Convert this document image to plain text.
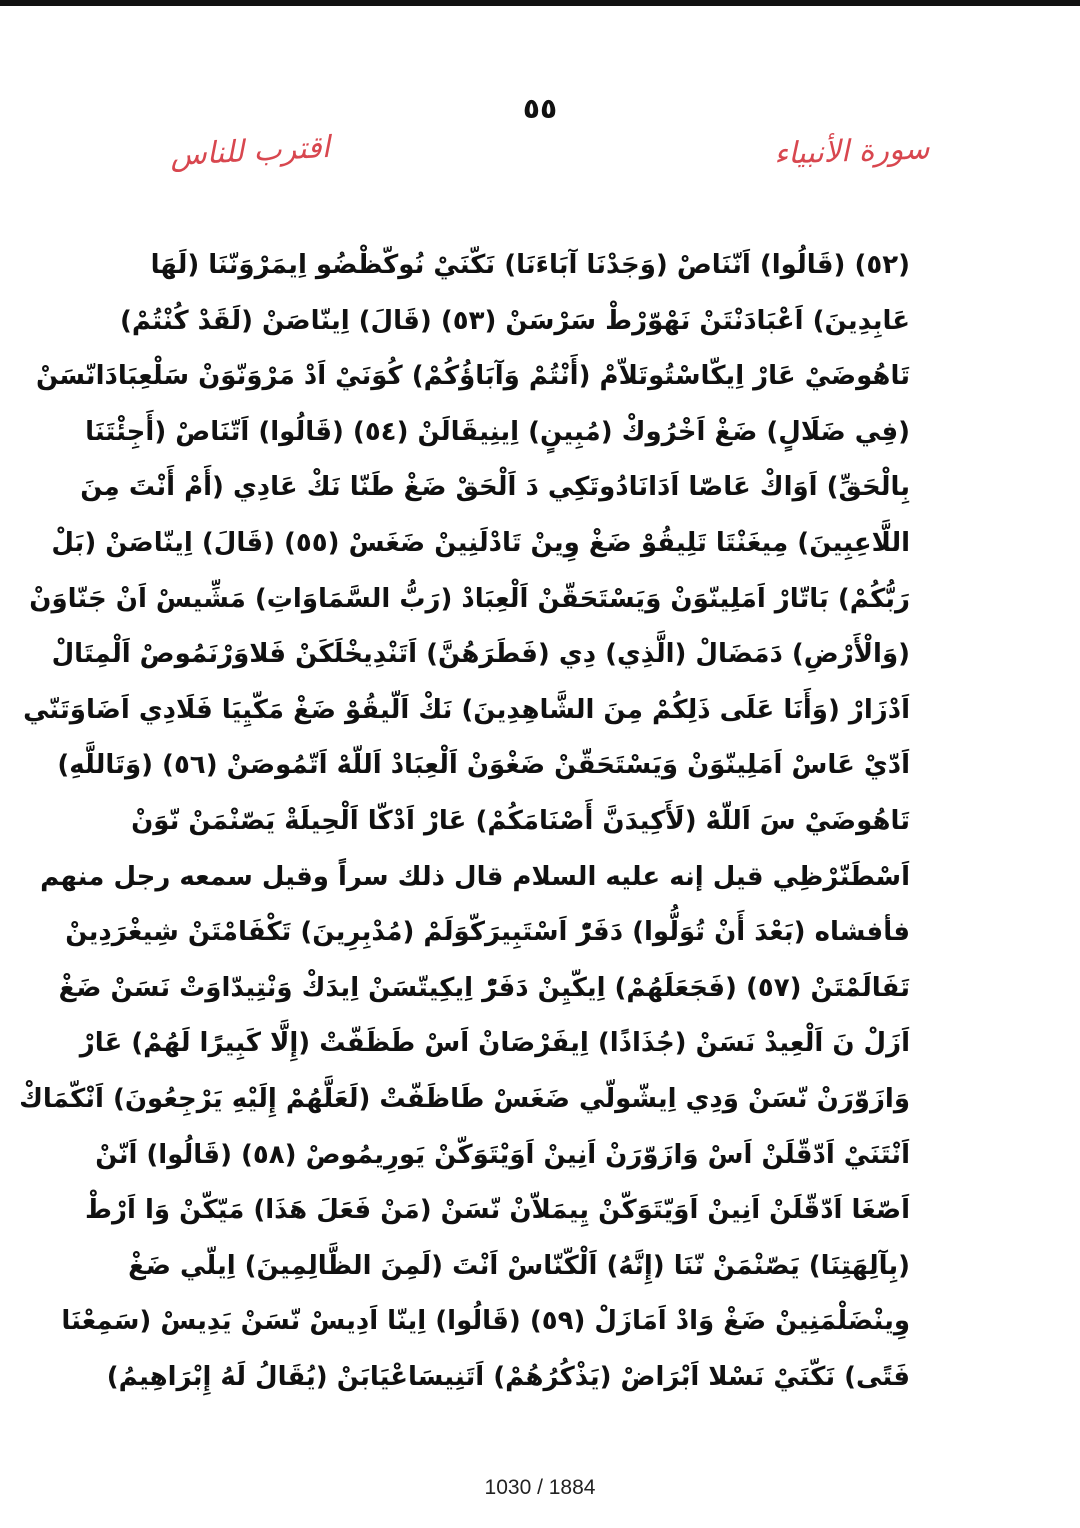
٥٥
سورة الأنبياء
اقترب للناس
(٥٢) (قَالُوا) اَنّنَاصْ (وَجَدْنَا آبَاءَنَا) نَكّنَيْ نُوكّظْضُو اِيمَرْوَنّنَا (لَهَا
عَابِدِينَ) اَعْبَادَنْتَنْ نَهْوّرْطْ سَرْسَنْ (٥٣) (قَالَ) اِينّاصَنْ (لَقَدْ كُنْتُمْ)
تَاهُوضَيْ عَارْ اِيكّاسْتُوتَلاّمْ (أَنْتُمْ وَآبَاؤُكُمْ) كُوَنَيْ اَدْ مَرْوَنّوَنْ سَلْعِبَادَانّسَنْ
(فِي ضَلَالٍ) ضَغْ اَخْرُوكْ (مُبِينٍ) اِينِيقَالَنْ (٥٤) (قَالُوا) اَتّنَاصْ (أَجِئْتَنَا
بِالْحَقِّ) اَوَاكْ عَاصّا اَدَانَادُوتَكِي دَ اَلْحَقْ ضَغْ طَنّا نَكْ عَادِي (أَمْ أَنْتَ مِنَ
اللَّاعِبِينَ) مِيغَنْتَا تَلِيقُوْ ضَغْ وِينْ تَادْلَنِينْ ضَغَسْ (٥٥) (قَالَ) اِينّاصَنْ (بَلْ
رَبُّكُمْ) بَاتّارْ اَمَلِينّوَنْ وَيَسْتَحَقّنْ اَلْعِبَادْ (رَبُّ السَّمَاوَاتِ) مَشِّيسْ اَنْ جَنّاوَنْ
(وَالْأَرْضِ) دَمَضَالْ (الَّذِي) دِي (فَطَرَهُنَّ) اَتَنْدِيخْلَكَنْ فَلاوَرْنَمُوصْ اَلْمِتَالْ
اَدْزَارْ (وَأَنَا عَلَى ذَلِكُمْ مِنَ الشَّاهِدِينَ) نَكْ اَلّيقُوْ ضَغْ مَكّيِيَا فَلَادِي اَضَاوَتَنّي
اَدّيْ عَاسْ اَمَلِينّوَنْ وَيَسْتَحَقّنْ ضَغْوَنْ اَلْعِبَادْ اَللّهْ اَتّمُوصَنْ (٥٦) (وَتَاللَّهِ)
تَاهُوضَيْ سَ اَللّهْ (لَأَكِيدَنَّ أَصْنَامَكُمْ) عَارْ اَدْكّا اَلْحِيلَةْ يَصّنْمَنْ نّوَنْ
اَسْطَنّرْظِي قيل إنه عليه السلام قال ذلك سراً وقيل سمعه رجل منهم
فأفشاه (بَعْدَ أَنْ تُوَلُّوا) دَفَرّْ اَسْتَبِيرَكّوَلَمْ (مُدْبِرِينَ) تَكْفَامْتَنْ شِيغْرَدِينْ
تَفَالَمْتَنْ (٥٧) (فَجَعَلَهُمْ) اِيكّيِنْ دَفَرّْ اِيكِيتّسَنْ اِيدَكْ وَنْتِيدّاوَتْ نَسَنْ ضَغْ
اَزَلْ نَ اَلْعِيدْ نَسَنْ (جُذَاذًا) اِيفَرْصَانْ اَسْ طَظَفّتْ (إِلَّا كَبِيرًا لَهُمْ) عَارْ
وَازَوّرَنْ نّسَنْ وَدِي اِيشّولّي ضَغَسْ طَاظَفّتْ (لَعَلَّهُمْ إِلَيْهِ يَرْجِعُونَ) اَنْكّمَاكْ
اَنْتَنَيْ اَدّقّلَنْ اَسْ وَازَوّرَنْ اَنِينْ اَوَيْتَوَكّنْ يَورِيمُوصْ (٥٨) (قَالُوا) اَنّنْ
اَصّغَا اَدّقّلَنْ اَنِينْ اَوَيّتَوَكّنْ يِيمَلاّنْ نّسَنْ (مَنْ فَعَلَ هَذَا) مَيّكّنْ وَا اَرْطْ
(بِآلِهَتِنَا) يَصّنْمَنْ نّنَا (إِنَّهُ) اَلْكّنّاسْ اَنْتَ (لَمِنَ الظَّالِمِينَ) اِيلّي ضَغْ
وِينْضَلْمَنِينْ ضَغْ وَادْ اَمَازَلْ (٥٩) (قَالُوا) اِينّا اَدِيسْ نّسَنْ يَدِيسْ (سَمِعْنَا
فَتًى) نَكّنَيْ نَسْلا اَبْرَاضْ (يَذْكُرُهُمْ) اَتَنِيسَاعْيَابَنْ (يُقَالُ لَهُ إِبْرَاهِيمُ)
1030 / 1884
